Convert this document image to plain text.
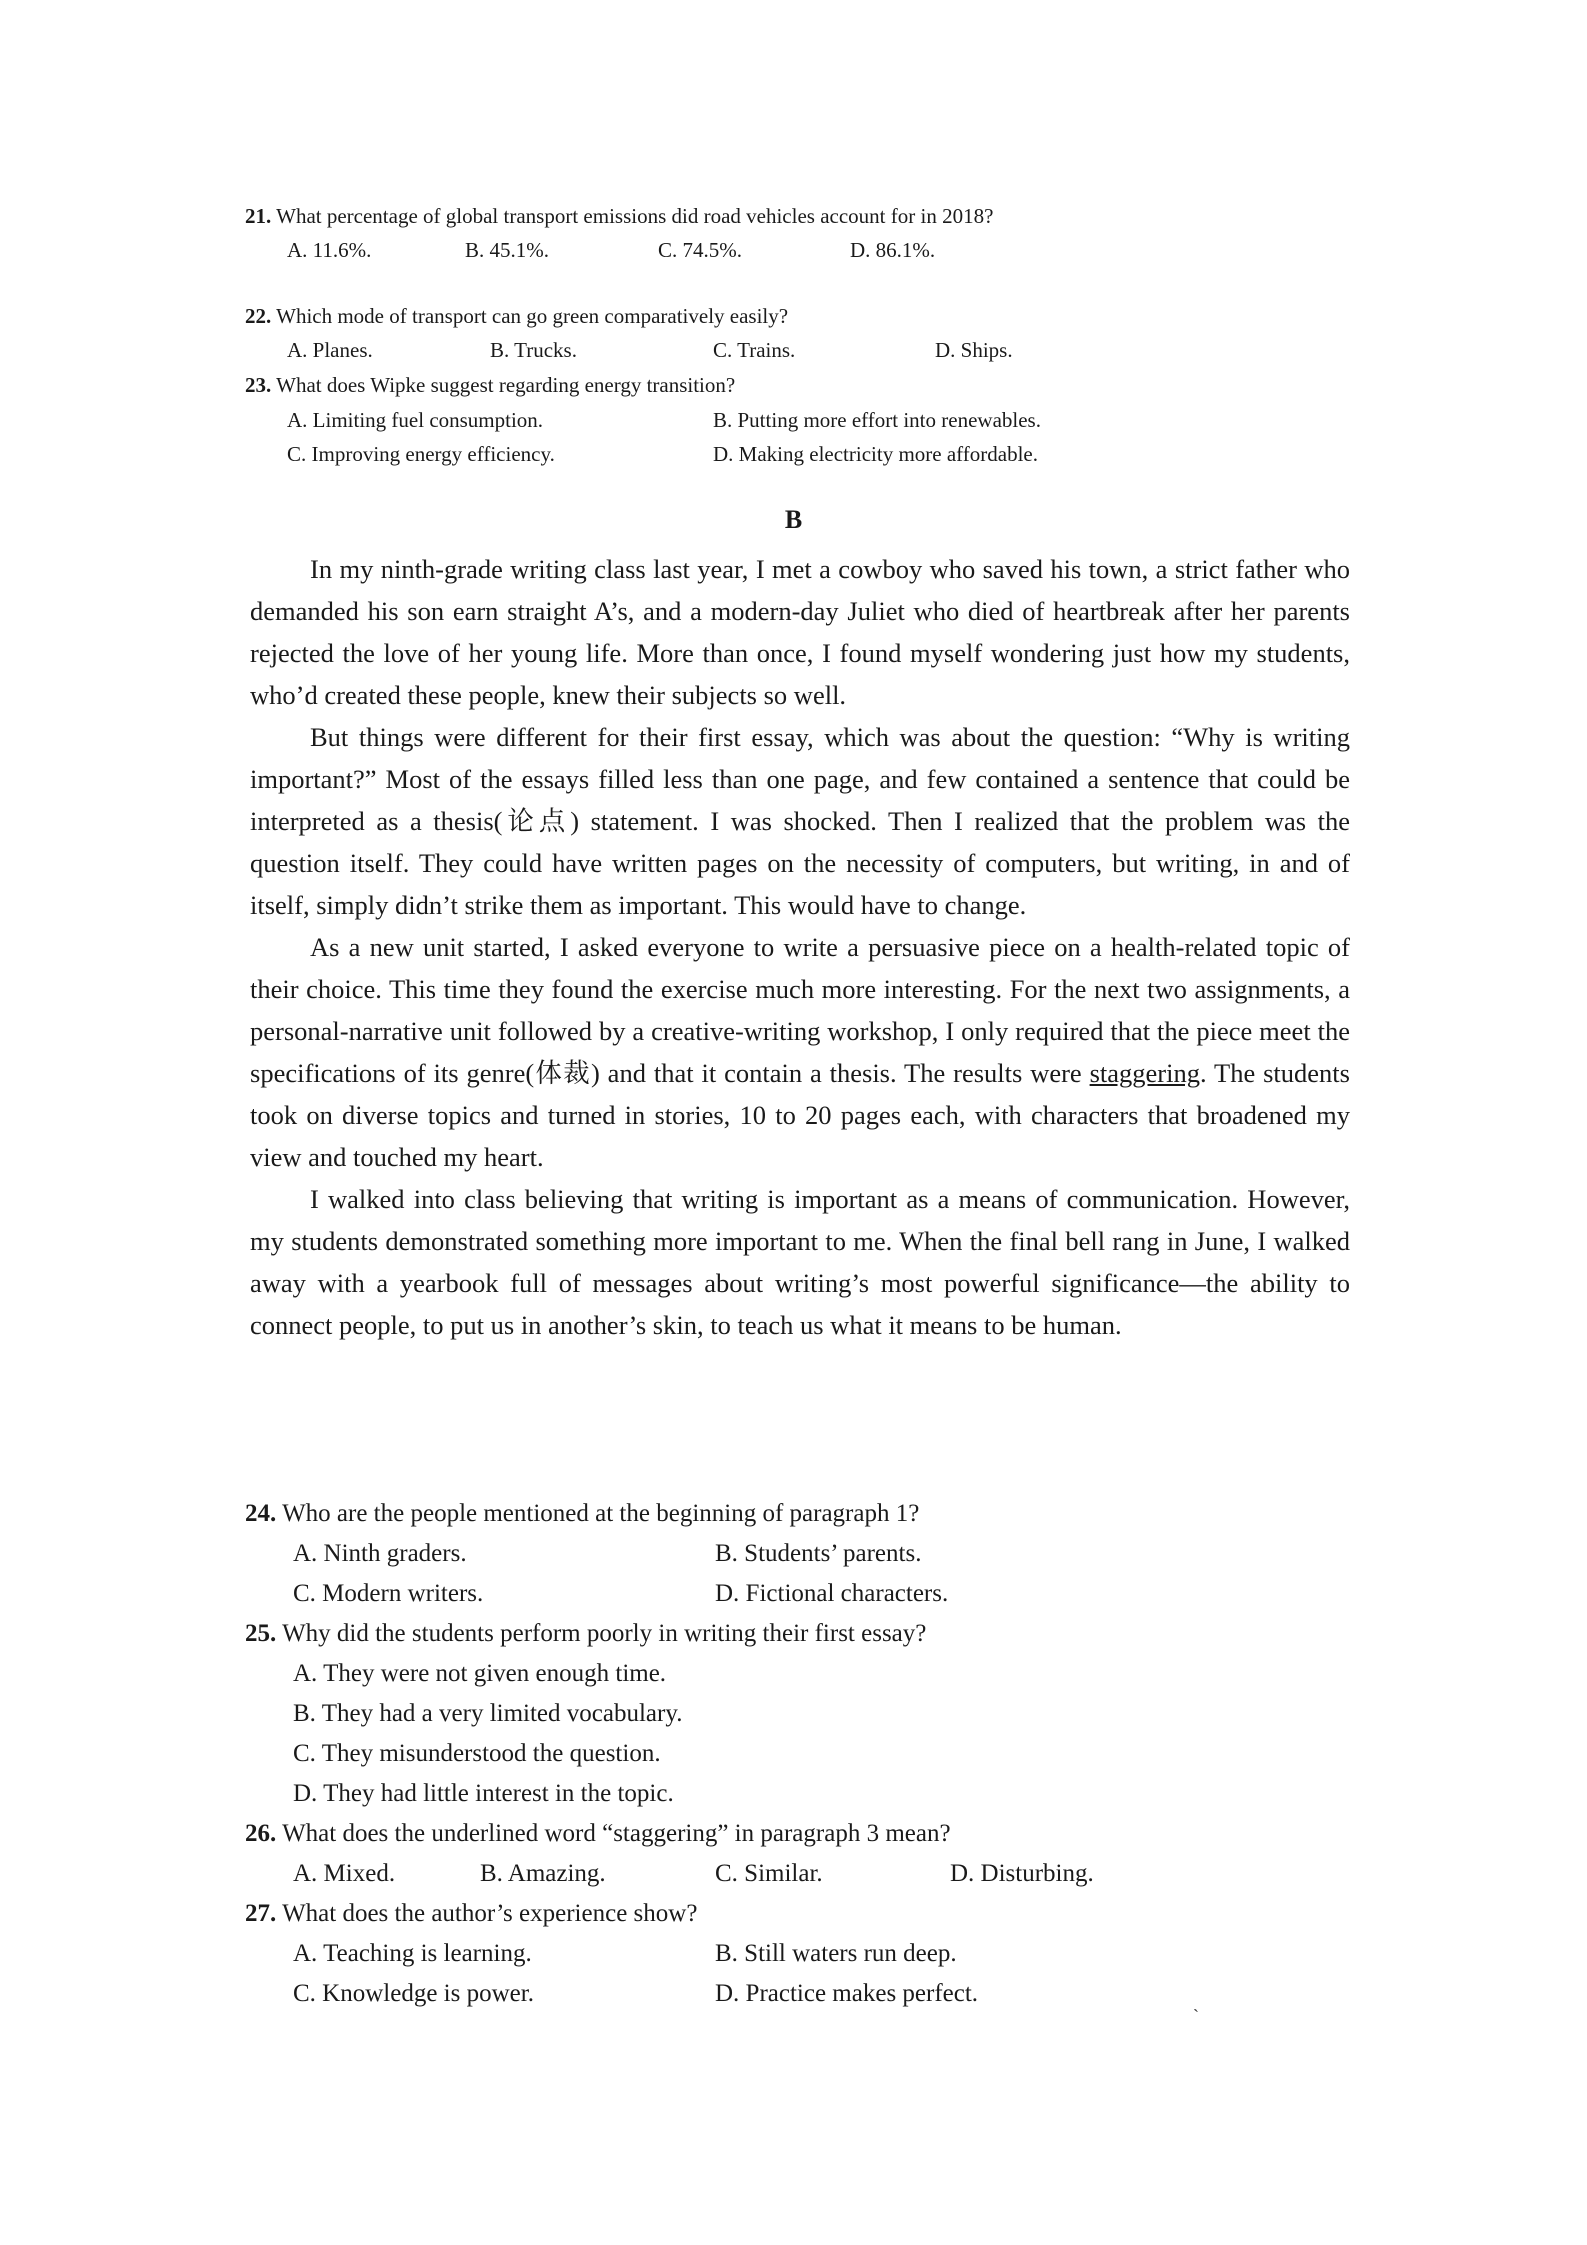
21. What percentage of global transport emissions did road vehicles account for in 2018?
A. 11.6%.	B. 45.1%.	C. 74.5%.	D. 86.1%.
22. Which mode of transport can go green comparatively easily?
A. Planes.	B. Trucks.	C. Trains.	D. Ships.
23. What does Wipke suggest regarding energy transition?
A. Limiting fuel consumption.	B. Putting more effort into renewables.
C. Improving energy efficiency.	D. Making electricity more affordable.
B

In my ninth-grade writing class last year, I met a cowboy who saved his town, a strict father who demanded his son earn straight A’s, and a modern-day Juliet who died of heartbreak after her parents rejected the love of her young life. More than once, I found myself wondering just how my students, who’d created these people, knew their subjects so well.

But things were different for their first essay, which was about the question: “Why is writing important?” Most of the essays filled less than one page, and few contained a sentence that could be interpreted as a thesis(论点) statement. I was shocked. Then I realized that the problem was the question itself. They could have written pages on the necessity of computers, but writing, in and of itself, simply didn’t strike them as important. This would have to change.

As a new unit started, I asked everyone to write a persuasive piece on a health-related topic of their choice. This time they found the exercise much more interesting. For the next two assignments, a personal-narrative unit followed by a creative-writing workshop, I only required that the piece meet the specifications of its genre(体裁) and that it contain a thesis. The results were staggering. The students took on diverse topics and turned in stories, 10 to 20 pages each, with characters that broadened my view and touched my heart.

I walked into class believing that writing is important as a means of communication. However, my students demonstrated something more important to me. When the final bell rang in June, I walked away with a yearbook full of messages about writing’s most powerful significance—the ability to connect people, to put us in another’s skin, to teach us what it means to be human.

24. Who are the people mentioned at the beginning of paragraph 1?
A. Ninth graders.	B. Students’ parents.
C. Modern writers.	D. Fictional characters.
25. Why did the students perform poorly in writing their first essay?
A. They were not given enough time.
B. They had a very limited vocabulary.
C. They misunderstood the question.
D. They had little interest in the topic.
26. What does the underlined word “staggering” in paragraph 3 mean?
A. Mixed.	B. Amazing.	C. Similar.	D. Disturbing.
27. What does the author’s experience show?
A. Teaching is learning.	B. Still waters run deep.
C. Knowledge is power.	D. Practice makes perfect.
`
